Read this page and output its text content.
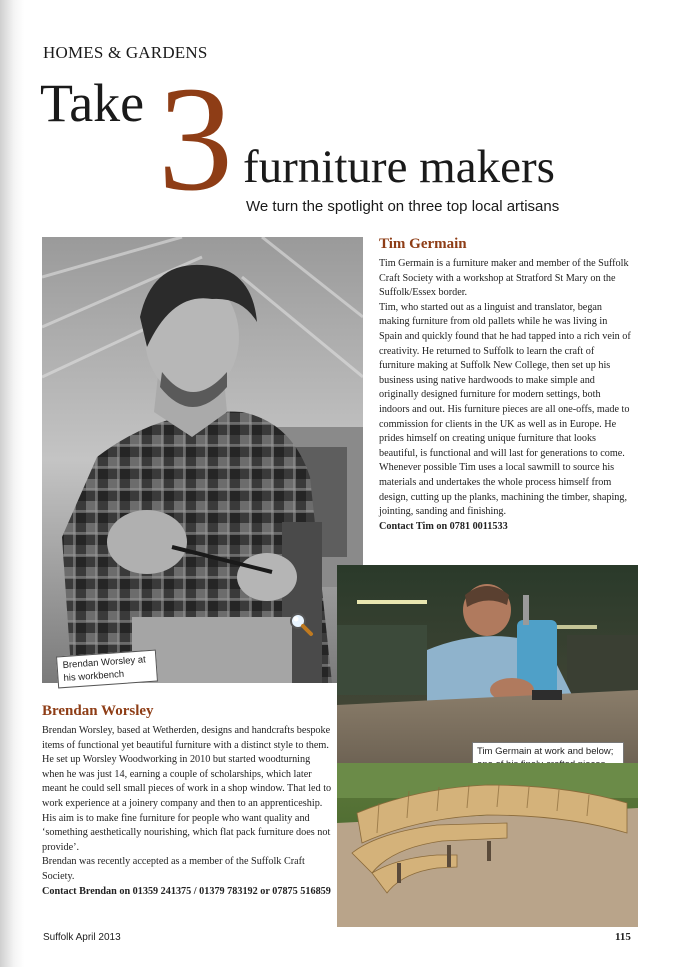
HOMES & GARDENS
Take 3 furniture makers
We turn the spotlight on three top local artisans
Brendan Worsley at his workbench
Tim Germain

Tim Germain is a furniture maker and member of the Suffolk Craft Society with a workshop at Stratford St Mary on the Suffolk/Essex border.

Tim, who started out as a linguist and translator, began making furniture from old pallets while he was living in Spain and quickly found that he had tapped into a rich vein of creativity. He returned to Suffolk to learn the craft of furniture making at Suffolk New College, then set up his business using native hardwoods to make simple and originally designed furniture for modern settings, both indoors and out. His furniture pieces are all one-offs, made to commission for clients in the UK as well as in Europe. He prides himself on creating unique furniture that looks beautiful, is functional and will last for generations to come.

Whenever possible Tim uses a local sawmill to source his materials and undertakes the whole process himself from design, cutting up the planks, machining the timber, shaping, jointing, sanding and finishing.

Contact Tim on 0781 0011533

Tim Germain at work and below;
Brendan Worsley

Brendan Worsley, based at Wetherden, designs and handcrafts bespoke items of functional yet beautiful furniture with a distinct style to them. He set up Worsley Woodworking in 2010 but started woodturning when he was just 14, earning a couple of scholarships, which later meant he could sell small pieces of work in a shop window. That led to work experience at a joinery company and then to an apprenticeship. His aim is to make fine furniture for people who want quality and ‘something aesthetically nourishing, which flat pack furniture does not provide’.

Brendan was recently accepted as a member of the Suffolk Craft Society.

Contact Brendan on 01359 241375 / 01379 783192 or 07875 516859

Suffolk April 2013	115
